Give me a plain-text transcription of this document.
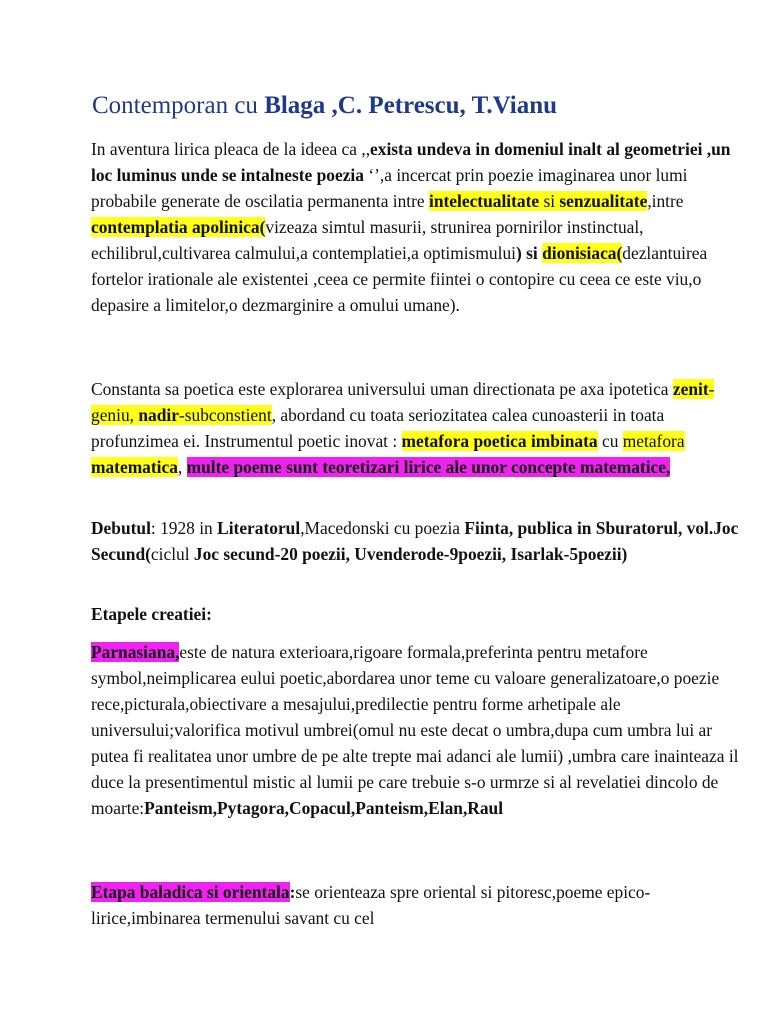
Contemporan cu Blaga ,C. Petrescu, T.Vianu

In aventura lirica pleaca de la ideea ca ,,exista undeva in domeniul inalt al geometriei ,un loc luminus unde se intalneste poezia ‘’,a incercat prin poezie imaginarea unor lumi probabile generate de oscilatia permanenta intre intelectualitate si senzualitate,intre contemplatia apolinica(vizeaza simtul masurii, strunirea pornirilor instinctual, echilibrul,cultivarea calmului,a contemplatiei,a optimismului) si dionisiaca(dezlantuirea fortelor irationale ale existentei ,ceea ce permite fiintei o contopire cu ceea ce este viu,o depasire a limitelor,o dezmarginire a omului umane).

Constanta sa poetica este explorarea universului uman directionata pe axa ipotetica zenit-geniu, nadir-subconstient, abordand cu toata seriozitatea calea cunoasterii in toata profunzimea ei. Instrumentul poetic inovat : metafora poetica imbinata cu metafora matematica, multe poeme sunt teoretizari lirice ale unor concepte matematice,

Debutul: 1928 in Literatorul,Macedonski cu poezia Fiinta, publica in Sburatorul, vol.Joc Secund(ciclul Joc secund-20 poezii, Uvenderode-9poezii, Isarlak-5poezii)

Etapele creatiei:

Parnasiana,este de natura exterioara,rigoare formala,preferinta pentru metafore symbol,neimplicarea eului poetic,abordarea unor teme cu valoare generalizatoare,o poezie rece,picturala,obiectivare a mesajului,predilectie pentru forme arhetipale ale universului;valorifica motivul umbrei(omul nu este decat o umbra,dupa cum umbra lui ar putea fi realitatea unor umbre de pe alte trepte mai adanci ale lumii) ,umbra care inainteaza il duce la presentimentul mistic al lumii pe care trebuie s-o urmrze si al revelatiei dincolo de moarte:Panteism,Pytagora,Copacul,Panteism,Elan,Raul

Etapa baladica si orientala:se orienteaza spre oriental si pitoresc,poeme epico-lirice,imbinarea termenului savant cu cel
